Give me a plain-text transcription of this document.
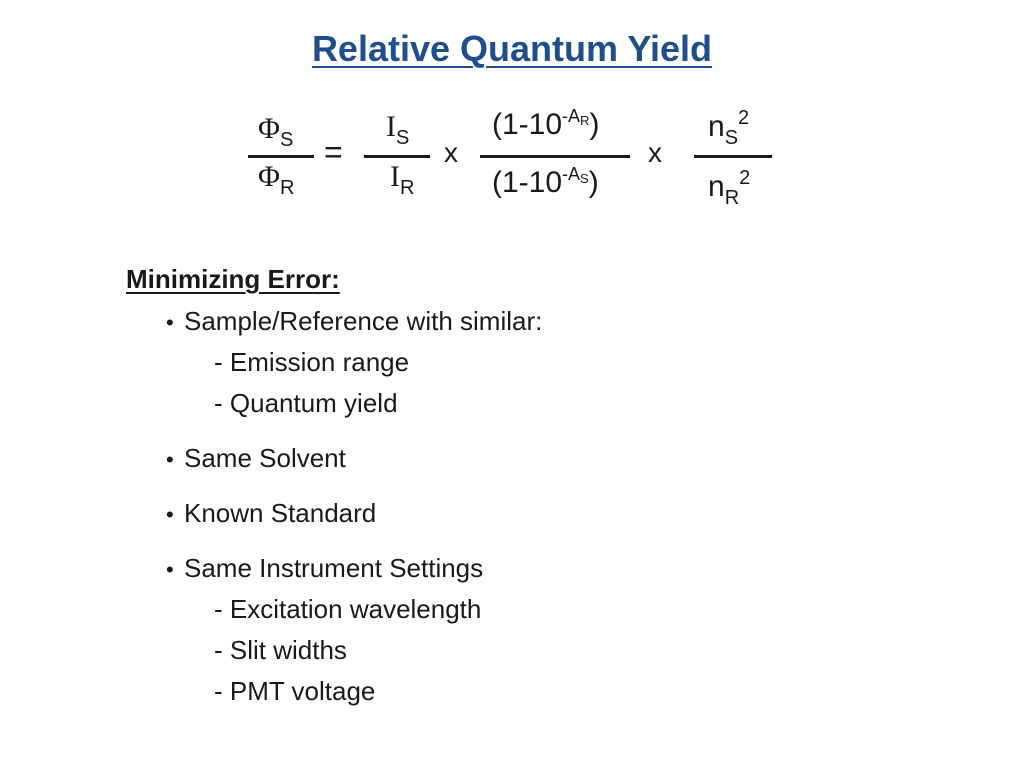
Relative Quantum Yield
$\Phi_S$
$\Phi_R$
=
$I_S$
$I_R$
x
$(1-10^{-AR})$
$(1-10^{-AS})$
x
$n_S^2$
$n_R^2$
Minimizing Error:
• Sample/Reference with similar:
- Emission range
- Quantum yield
• Same Solvent
• Known Standard
• Same Instrument Settings
- Excitation wavelength
- Slit widths
- PMT voltage
